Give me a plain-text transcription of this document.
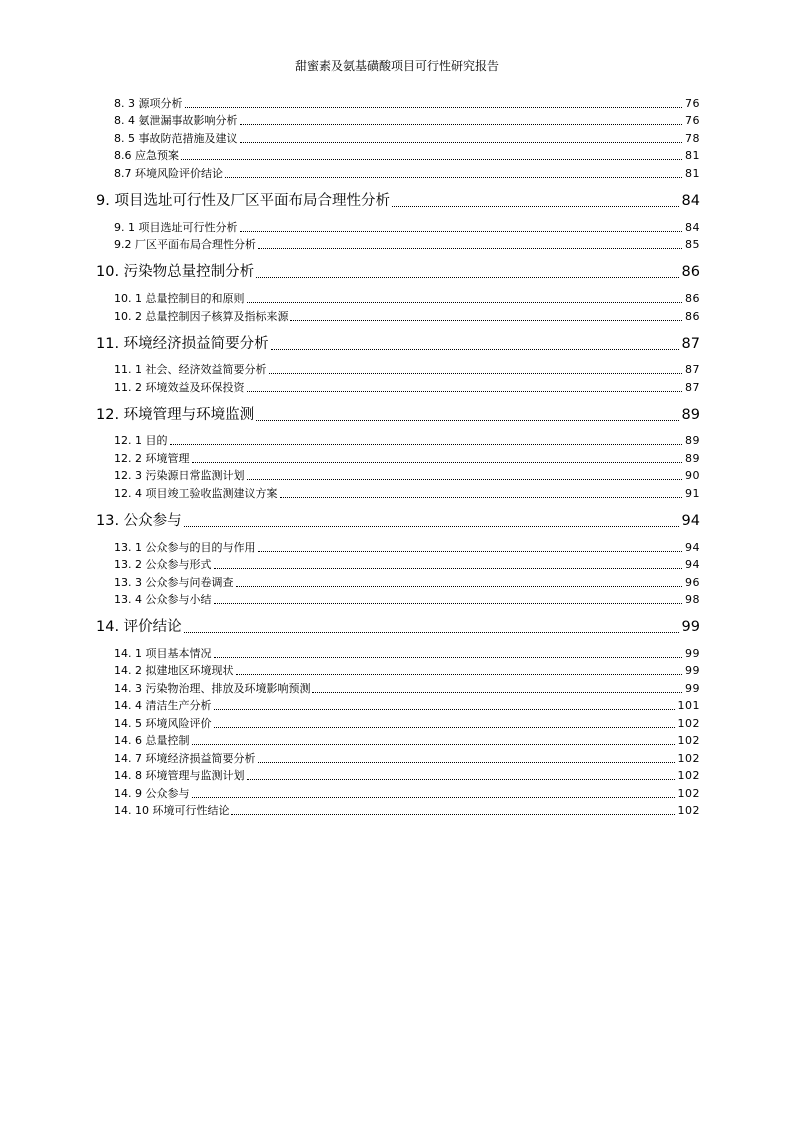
甜蜜素及氨基磺酸项目可行性研究报告
8. 3 源项分析	76
8. 4 氨泄漏事故影响分析	76
8. 5 事故防范措施及建议	78
8.6 应急预案	81
8.7 环境风险评价结论	81
9. 项目选址可行性及厂区平面布局合理性分析	84
9. 1 项目选址可行性分析	84
9.2 厂区平面布局合理性分析	85
10. 污染物总量控制分析	86
10. 1 总量控制目的和原则	86
10. 2 总量控制因子核算及指标来源	86
11. 环境经济损益简要分析	87
11. 1 社会、经济效益简要分析	87
11. 2 环境效益及环保投资	87
12. 环境管理与环境监测	89
12. 1 目的	89
12. 2 环境管理	89
12. 3 污染源日常监测计划	90
12. 4 项目竣工验收监测建议方案	91
13. 公众参与	94
13. 1 公众参与的目的与作用	94
13. 2 公众参与形式	94
13. 3 公众参与问卷调查	96
13. 4 公众参与小结	98
14. 评价结论	99
14. 1 项目基本情况	99
14. 2 拟建地区环境现状	99
14. 3 污染物治理、排放及环境影响预测	99
14. 4 清洁生产分析	101
14. 5 环境风险评价	102
14. 6 总量控制	102
14. 7 环境经济损益简要分析	102
14. 8 环境管理与监测计划	102
14. 9 公众参与	102
14. 10 环境可行性结论	102
